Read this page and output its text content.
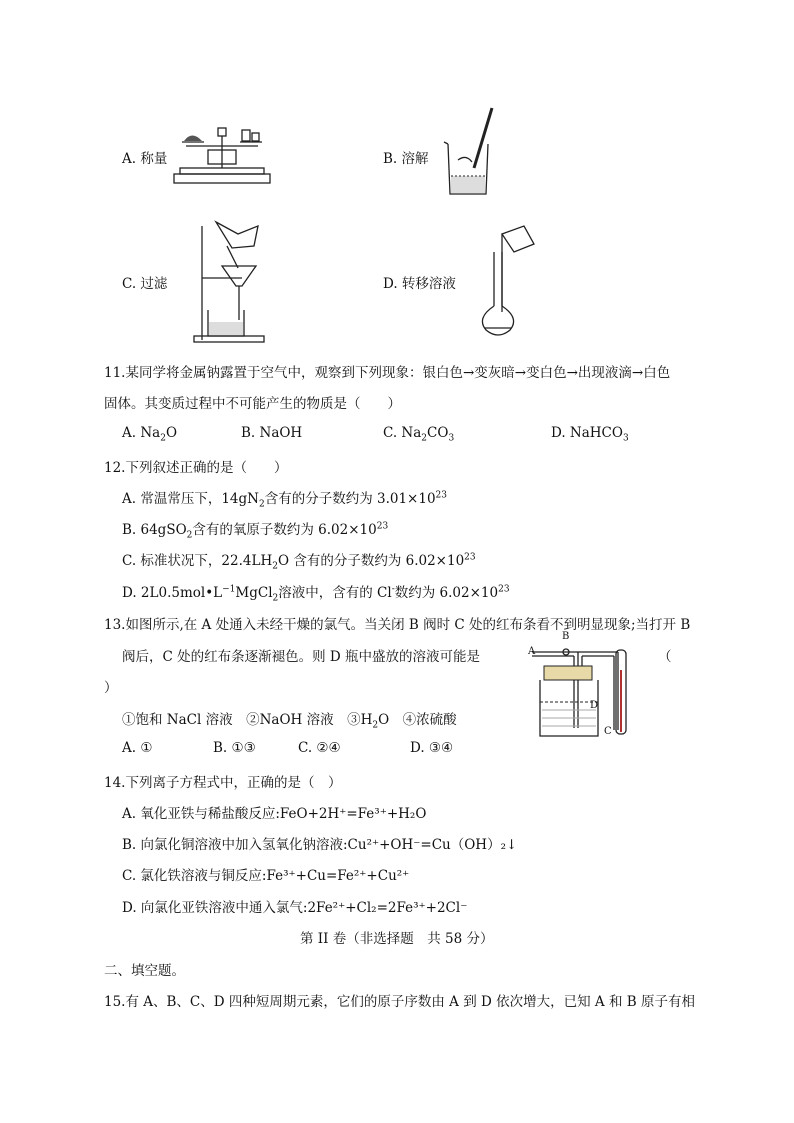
A. 称量	B. 溶解
C. 过滤	D. 转移溶液
11.某同学将金属钠露置于空气中，观察到下列现象：银白色→变灰暗→变白色→出现液滴→白色
固体。其变质过程中不可能产生的物质是（　　）
A. $Na_2O$	B. NaOH	C. $Na_2CO_3$	D. NaHCO$_3$
12.下列叙述正确的是（　　）
A. 常温常压下，$14gN_2$含有的分子数约为 $3.01\times 10^{23}$
B. 64gSO$_2$含有的氧原子数约为 $6.02\times 10^{23}$
C. 标准状况下，$22.4LH_2O$ 含有的分子数约为 $6.02\times 10^{23}$
D. $2L0.5mol•L^{-1}MgCl_2$溶液中，含有的 Cl-数约为 $6.02\times 10^{23}$
13.如图所示,在 A 处通入未经干燥的氯气。当关闭 B 阀时 C 处的红布条看不到明显现象;当打开 B
阀后，C 处的红布条逐渐褪色。则 D 瓶中盛放的溶液可能是	（
）
①饱和 NaCl 溶液　②NaOH 溶液　$③H_2O$　④浓硫酸
A. ①	B. ①③	C. ②④	D. ③④
A
B
D
C
14.下列离子方程式中，正确的是（　）
A. 氧化亚铁与稀盐酸反应:FeO+2H⁺=Fe³⁺+H₂O
B. 向氯化铜溶液中加入氢氧化钠溶液:Cu²⁺+OH⁻=Cu（OH）₂↓
C. 氯化铁溶液与铜反应:Fe³⁺+Cu=Fe²⁺+Cu²⁺
D. 向氯化亚铁溶液中通入氯气:2Fe²⁺+Cl₂=2Fe³⁺+2Cl⁻
第 II 卷（非选择题　共 58 分）
二、填空题。
15.有 A、B、C、D 四种短周期元素，它们的原子序数由 A 到 D 依次增大，已知 A 和 B 原子有相
